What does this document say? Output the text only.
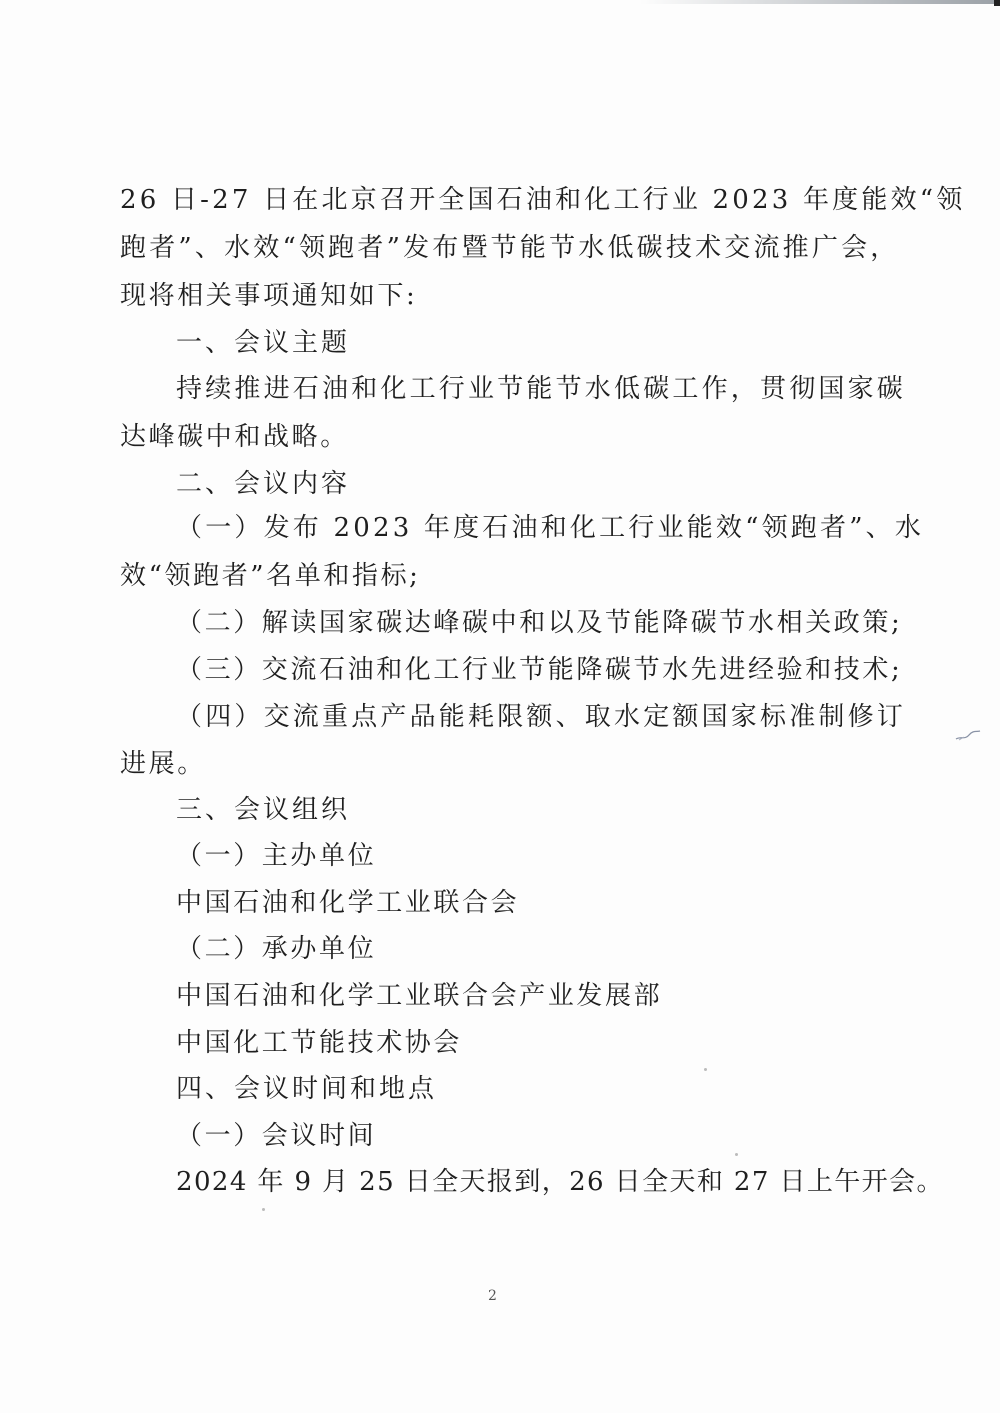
26 日-27 日在北京召开全国石油和化工行业 2023 年度能效“领
跑者”、水效“领跑者”发布暨节能节水低碳技术交流推广会，
现将相关事项通知如下:
一、会议主题
持续推进石油和化工行业节能节水低碳工作，贯彻国家碳
达峰碳中和战略。
二、会议内容
（一）发布 2023 年度石油和化工行业能效“领跑者”、水
效“领跑者”名单和指标;
（二）解读国家碳达峰碳中和以及节能降碳节水相关政策;
（三）交流石油和化工行业节能降碳节水先进经验和技术;
（四）交流重点产品能耗限额、取水定额国家标准制修订
进展。
三、会议组织
（一）主办单位
中国石油和化学工业联合会
（二）承办单位
中国石油和化学工业联合会产业发展部
中国化工节能技术协会
四、会议时间和地点
（一）会议时间
2024 年 9 月 25 日全天报到，26 日全天和 27 日上午开会。
2
